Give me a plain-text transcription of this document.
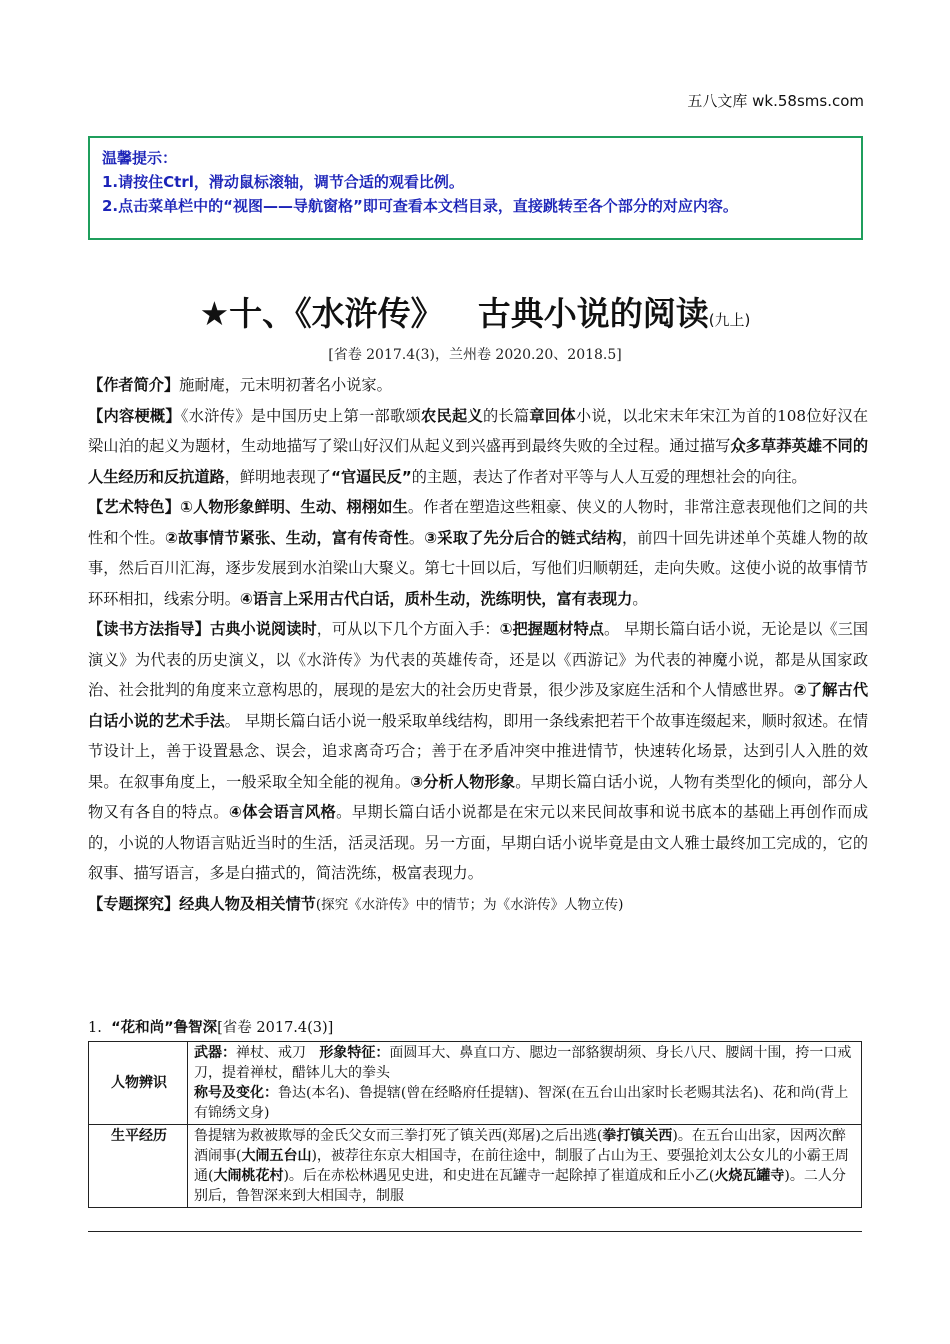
五八文库 wk.58sms.com
温馨提示：
1.请按住Ctrl，滑动鼠标滚轴，调节合适的观看比例。
2.点击菜单栏中的“视图——导航窗格”即可查看本文档目录，直接跳转至各个部分的对应内容。
★十、《水浒传》 古典小说的阅读(九上)
[省卷 2017.4(3)，兰州卷 2020.20、2018.5]

【作者简介】施耐庵，元末明初著名小说家。

【内容梗概】《水浒传》是中国历史上第一部歌颂农民起义的长篇章回体小说，以北宋末年宋江为首的108位好汉在梁山泊的起义为题材，生动地描写了梁山好汉们从起义到兴盛再到最终失败的全过程。通过描写众多草莽英雄不同的人生经历和反抗道路，鲜明地表现了“官逼民反”的主题，表达了作者对平等与人人互爱的理想社会的向往。

【艺术特色】①人物形象鲜明、生动、栩栩如生。作者在塑造这些粗豪、侠义的人物时，非常注意表现他们之间的共性和个性。②故事情节紧张、生动，富有传奇性。③采取了先分后合的链式结构，前四十回先讲述单个英雄人物的故事，然后百川汇海，逐步发展到水泊梁山大聚义。第七十回以后，写他们归顺朝廷，走向失败。这使小说的故事情节环环相扣，线索分明。④语言上采用古代白话，质朴生动，洗练明快，富有表现力。

【读书方法指导】古典小说阅读时，可从以下几个方面入手：①把握题材特点。 早期长篇白话小说，无论是以《三国演义》为代表的历史演义，以《水浒传》为代表的英雄传奇，还是以《西游记》为代表的神魔小说，都是从国家政治、社会批判的角度来立意构思的，展现的是宏大的社会历史背景，很少涉及家庭生活和个人情感世界。②了解古代白话小说的艺术手法。 早期长篇白话小说一般采取单线结构，即用一条线索把若干个故事连缀起来，顺时叙述。在情节设计上，善于设置悬念、误会，追求离奇巧合；善于在矛盾冲突中推进情节，快速转化场景，达到引人入胜的效果。在叙事角度上，一般采取全知全能的视角。③分析人物形象。早期长篇白话小说，人物有类型化的倾向，部分人物又有各自的特点。④体会语言风格。早期长篇白话小说都是在宋元以来民间故事和说书底本的基础上再创作而成的，小说的人物语言贴近当时的生活，活灵活现。另一方面，早期白话小说毕竟是由文人雅士最终加工完成的，它的叙事、描写语言，多是白描式的，简洁洗练，极富表现力。

【专题探究】经典人物及相关情节(探究《水浒传》中的情节；为《水浒传》人物立传)

1. “花和尚”鲁智深[省卷 2017.4(3)]
人物辨识	武器：禅杖、戒刀 形象特征：面圆耳大、鼻直口方、腮边一部貉䝟胡须、身长八尺、腰阔十围，挎一口戒刀，提着禅杖，醋钵儿大的拳头
称号及变化：鲁达(本名)、鲁提辖(曾在经略府任提辖)、智深(在五台山出家时长老赐其法名)、花和尚(背上有锦绣文身)

生平经历	鲁提辖为救被欺辱的金氏父女而三拳打死了镇关西(郑屠)之后出逃(拳打镇关西)。在五台山出家，因两次醉酒闹事(大闹五台山)，被荐往东京大相国寺，在前往途中，制服了占山为王、要强抢刘太公女儿的小霸王周通(大闹桃花村)。后在赤松林遇见史进，和史进在瓦罐寺一起除掉了崔道成和丘小乙(火烧瓦罐寺)。二人分别后，鲁智深来到大相国寺，制服
